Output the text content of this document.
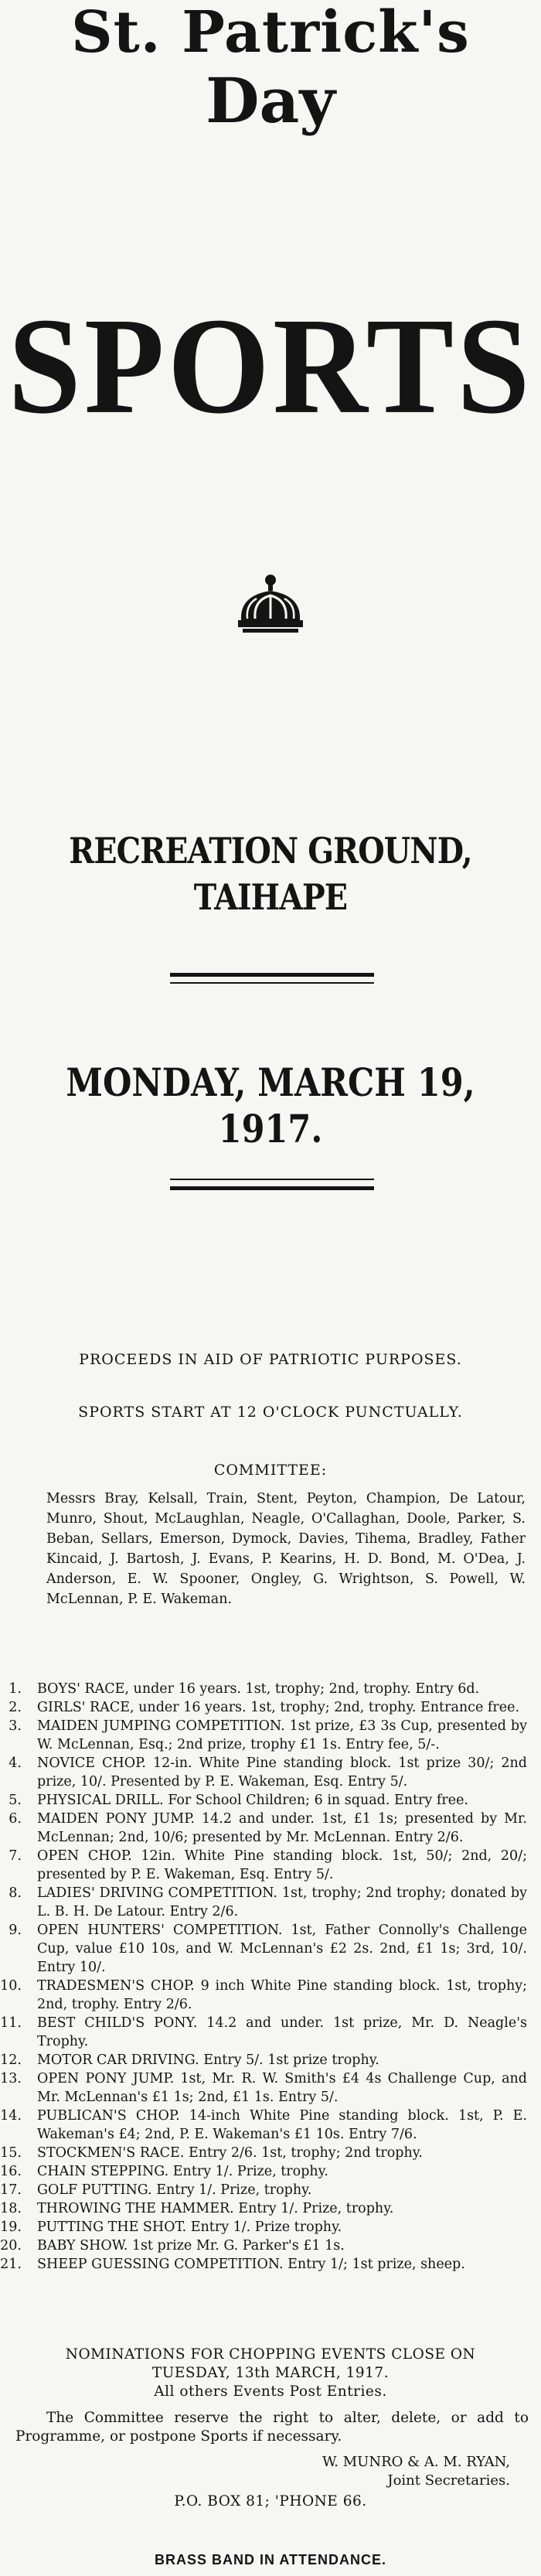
St. Patrick's
Day
SPORTS
RECREATION GROUND, TAIHAPE
MONDAY, MARCH 19, 1917.
PROCEEDS IN AID OF PATRIOTIC PURPOSES.
SPORTS START AT 12 O'CLOCK PUNCTUALLY.
COMMITTEE:
Messrs Bray, Kelsall, Train, Stent, Peyton, Champion, De Latour, Munro, Shout, McLaughlan, Neagle, O'Callaghan, Doole, Parker, S. Beban, Sellars, Emerson, Dymock, Davies, Tihema, Bradley, Father Kincaid, J. Bartosh, J. Evans, P. Kearins, H. D. Bond, M. O'Dea, J. Anderson, E. W. Spooner, Ongley, G. Wrightson, S. Powell, W. McLennan, P. E. Wakeman.
1. BOYS' RACE, under 16 years. 1st, trophy; 2nd, trophy. Entry 6d.
2. GIRLS' RACE, under 16 years. 1st, trophy; 2nd, trophy. Entrance free.
3. MAIDEN JUMPING COMPETITION. 1st prize, £3 3s Cup, presented by W. McLennan, Esq.; 2nd prize, trophy £1 1s. Entry fee, 5/-.
4. NOVICE CHOP. 12-in. White Pine standing block. 1st prize 30/; 2nd prize, 10/. Presented by P. E. Wakeman, Esq. Entry 5/.
5. PHYSICAL DRILL. For School Children; 6 in squad. Entry free.
6. MAIDEN PONY JUMP. 14.2 and under. 1st, £1 1s; presented by Mr. McLennan; 2nd, 10/6; presented by Mr. McLennan. Entry 2/6.
7. OPEN CHOP. 12in. White Pine standing block. 1st, 50/; 2nd, 20/; presented by P. E. Wakeman, Esq. Entry 5/.
8. LADIES' DRIVING COMPETITION. 1st, trophy; 2nd trophy; donated by L. B. H. De Latour. Entry 2/6.
9. OPEN HUNTERS' COMPETITION. 1st, Father Connolly's Challenge Cup, value £10 10s, and W. McLennan's £2 2s. 2nd, £1 1s; 3rd, 10/. Entry 10/.
10. TRADESMEN'S CHOP. 9 inch White Pine standing block. 1st, trophy; 2nd, trophy. Entry 2/6.
11. BEST CHILD'S PONY. 14.2 and under. 1st prize, Mr. D. Neagle's Trophy.
12. MOTOR CAR DRIVING. Entry 5/. 1st prize trophy.
13. OPEN PONY JUMP. 1st, Mr. R. W. Smith's £4 4s Challenge Cup, and Mr. McLennan's £1 1s; 2nd, £1 1s. Entry 5/.
14. PUBLICAN'S CHOP. 14-inch White Pine standing block. 1st, P. E. Wakeman's £4; 2nd, P. E. Wakeman's £1 10s. Entry 7/6.
15. STOCKMEN'S RACE. Entry 2/6. 1st, trophy; 2nd trophy.
16. CHAIN STEPPING. Entry 1/. Prize, trophy.
17. GOLF PUTTING. Entry 1/. Prize, trophy.
18. THROWING THE HAMMER. Entry 1/. Prize, trophy.
19. PUTTING THE SHOT. Entry 1/. Prize trophy.
20. BABY SHOW. 1st prize Mr. G. Parker's £1 1s.
21. SHEEP GUESSING COMPETITION. Entry 1/; 1st prize, sheep.
NOMINATIONS FOR CHOPPING EVENTS CLOSE ON
TUESDAY, 13th MARCH, 1917.
All others Events Post Entries.
The Committee reserve the right to alter, delete, or add to Programme, or postpone Sports if necessary.
W. MUNRO & A. M. RYAN,
Joint Secretaries.
P.O. BOX 81; 'PHONE 66.
BRASS BAND IN ATTENDANCE.
